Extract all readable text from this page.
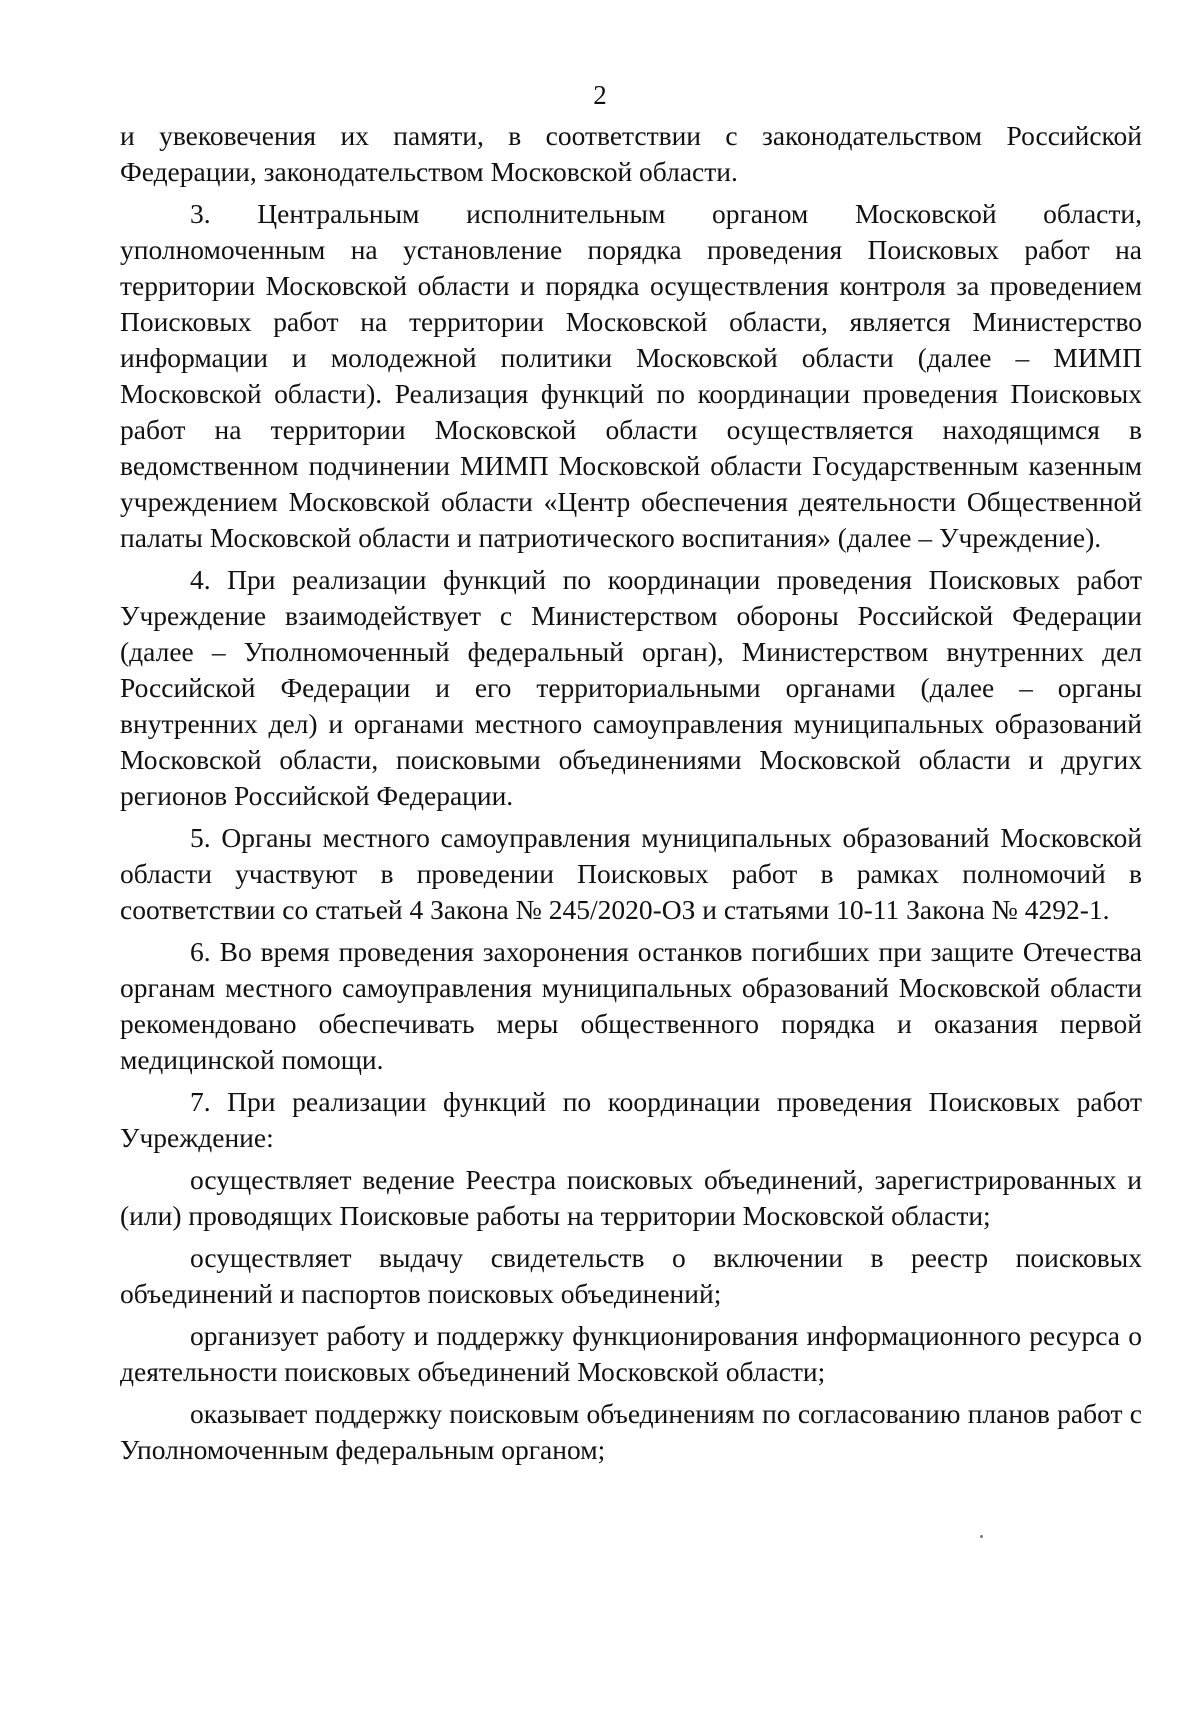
2

и увековечения их памяти, в соответствии с законодательством Российской Федерации, законодательством Московской области.

3. Центральным исполнительным органом Московской области, уполномоченным на установление порядка проведения Поисковых работ на территории Московской области и порядка осуществления контроля за проведением Поисковых работ на территории Московской области, является Министерство информации и молодежной политики Московской области (далее – МИМП Московской области). Реализация функций по координации проведения Поисковых работ на территории Московской области осуществляется находящимся в ведомственном подчинении МИМП Московской области Государственным казенным учреждением Московской области «Центр обеспечения деятельности Общественной палаты Московской области и патриотического воспитания» (далее – Учреждение).

4. При реализации функций по координации проведения Поисковых работ Учреждение взаимодействует с Министерством обороны Российской Федерации (далее – Уполномоченный федеральный орган), Министерством внутренних дел Российской Федерации и его территориальными органами (далее – органы внутренних дел) и органами местного самоуправления муниципальных образований Московской области, поисковыми объединениями Московской области и других регионов Российской Федерации.

5. Органы местного самоуправления муниципальных образований Московской области участвуют в проведении Поисковых работ в рамках полномочий в соответствии со статьей 4 Закона № 245/2020-ОЗ и статьями 10-11 Закона № 4292-1.

6. Во время проведения захоронения останков погибших при защите Отечества органам местного самоуправления муниципальных образований Московской области рекомендовано обеспечивать меры общественного порядка и оказания первой медицинской помощи.

7. При реализации функций по координации проведения Поисковых работ Учреждение:

осуществляет ведение Реестра поисковых объединений, зарегистрированных и (или) проводящих Поисковые работы на территории Московской области;

осуществляет выдачу свидетельств о включении в реестр поисковых объединений и паспортов поисковых объединений;

организует работу и поддержку функционирования информационного ресурса о деятельности поисковых объединений Московской области;

оказывает поддержку поисковым объединениям по согласованию планов работ с Уполномоченным федеральным органом;
